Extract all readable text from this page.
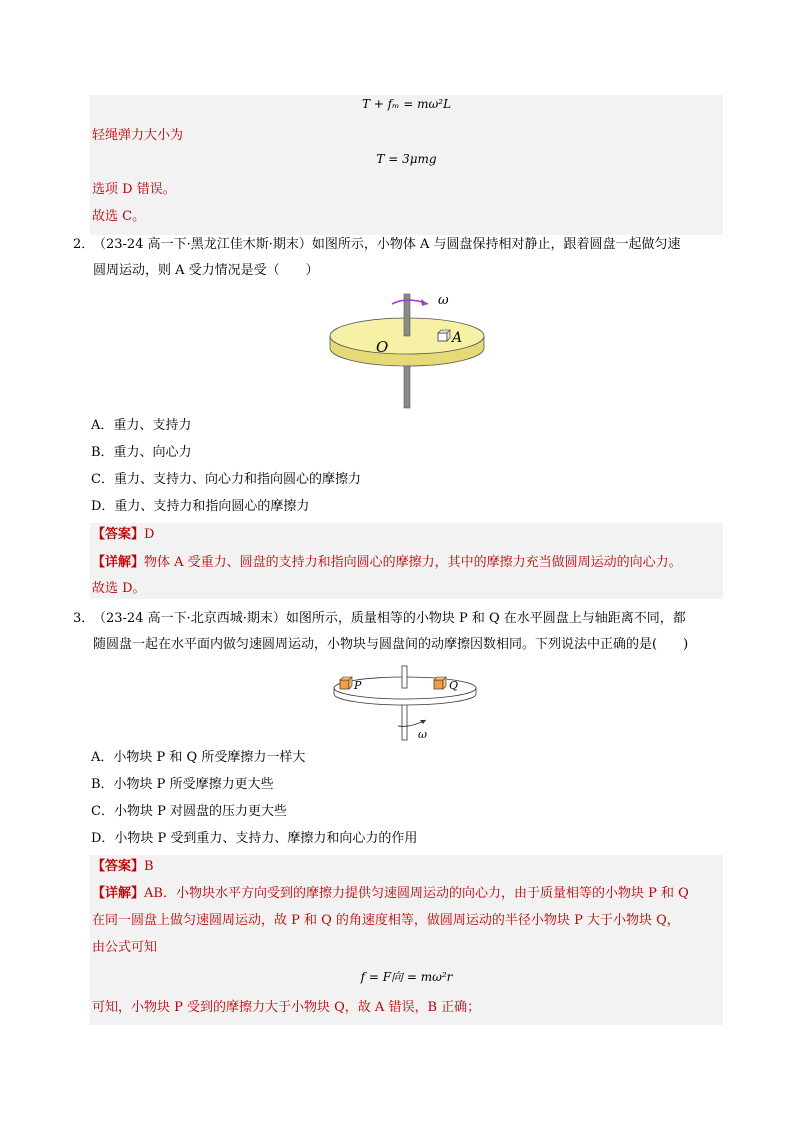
T + fₘ = mω²L
轻绳弹力大小为
T = 3μmg
选项 D 错误。
故选 C。
2．
（23-24 高一下·黑龙江佳木斯·期末）如图所示，小物体 A 与圆盘保持相对静止，跟着圆盘一起做匀速
圆周运动，则 A 受力情况是受（　　）
ω
O	A
A．重力、支持力
B．重力、向心力
C．重力、支持力、向心力和指向圆心的摩擦力
D．重力、支持力和指向圆心的摩擦力
【答案】D
【详解】物体 A 受重力、圆盘的支持力和指向圆心的摩擦力，其中的摩擦力充当做圆周运动的向心力。
故选 D。
3．
（23-24 高一下·北京西城·期末）如图所示，质量相等的小物块 P 和 Q 在水平圆盘上与轴距离不同，都
随圆盘一起在水平面内做匀速圆周运动，小物块与圆盘间的动摩擦因数相同。下列说法中正确的是(　　)
P	Q
ω
A．小物块 P 和 Q 所受摩擦力一样大
B．小物块 P 所受摩擦力更大些
C．小物块 P 对圆盘的压力更大些
D．小物块 P 受到重力、支持力、摩擦力和向心力的作用
【答案】B
【详解】AB．小物块水平方向受到的摩擦力提供匀速圆周运动的向心力，由于质量相等的小物块 P 和 Q
在同一圆盘上做匀速圆周运动，故 P 和 Q 的角速度相等，做圆周运动的半径小物块 P 大于小物块 Q，
由公式可知
f = F向 = mω²r
可知，小物块 P 受到的摩擦力大于小物块 Q，故 A 错误，B 正确；
